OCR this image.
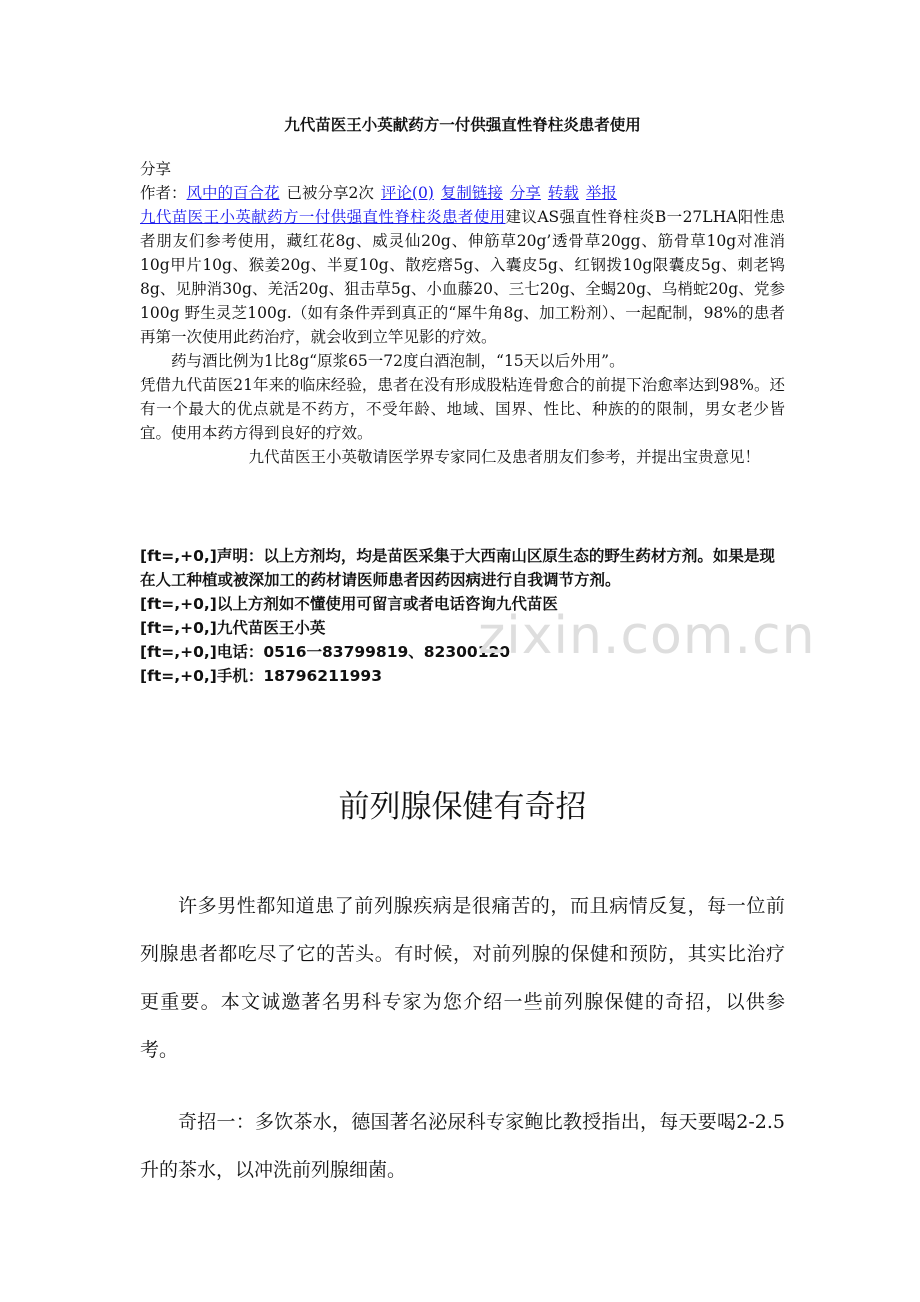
九代苗医王小英献药方一付供强直性脊柱炎患者使用

分享

作者：风中的百合花 已被分享2次 评论(0) 复制链接 分享 转载 举报

九代苗医王小英献药方一付供强直性脊柱炎患者使用建议AS强直性脊柱炎B一27LHA阳性患者朋友们参考使用，藏红花8g、威灵仙20g、伸筋草20g’透骨草20gg、筋骨草10g对准消10g甲片10g、猴姜20g、半夏10g、散疙瘩5g、入囊皮5g、红钢拨10g限囊皮5g、刺老鸨8g、见肿消30g、羌活20g、狙击草5g、小血藤20、三七20g、全蝎20g、乌梢蛇20g、党参100g 野生灵芝100g.（如有条件弄到真正的“犀牛角8g、加工粉剂）、一起配制，98%的患者再第一次使用此药治疗，就会收到立竿见影的疗效。

药与酒比例为1比8g“原浆65一72度白酒泡制，“15天以后外用”。

凭借九代苗医21年来的临床经验，患者在没有形成股粘连骨愈合的前提下治愈率达到98%。还有一个最大的优点就是不药方，不受年龄、地域、国界、性比、种族的的限制，男女老少皆宜。使用本药方得到良好的疗效。

九代苗医王小英敬请医学界专家同仁及患者朋友们参考，并提出宝贵意见！

[ft=,+0,]声明：以上方剂均，均是苗医采集于大西南山区原生态的野生药材方剂。如果是现在人工种植或被深加工的药材请医师患者因药因病进行自我调节方剂。

[ft=,+0,]以上方剂如不懂使用可留言或者电话咨询九代苗医

[ft=,+0,]九代苗医王小英

[ft=,+0,]电话：0516一83799819、82300120

[ft=,+0,]手机：18796211993

前列腺保健有奇招

许多男性都知道患了前列腺疾病是很痛苦的，而且病情反复，每一位前列腺患者都吃尽了它的苦头。有时候，对前列腺的保健和预防，其实比治疗更重要。本文诚邀著名男科专家为您介绍一些前列腺保健的奇招，以供参考。

奇招一：多饮茶水，德国著名泌尿科专家鲍比教授指出，每天要喝2-2.5升的茶水，以冲洗前列腺细菌。

zixin.com.cn
